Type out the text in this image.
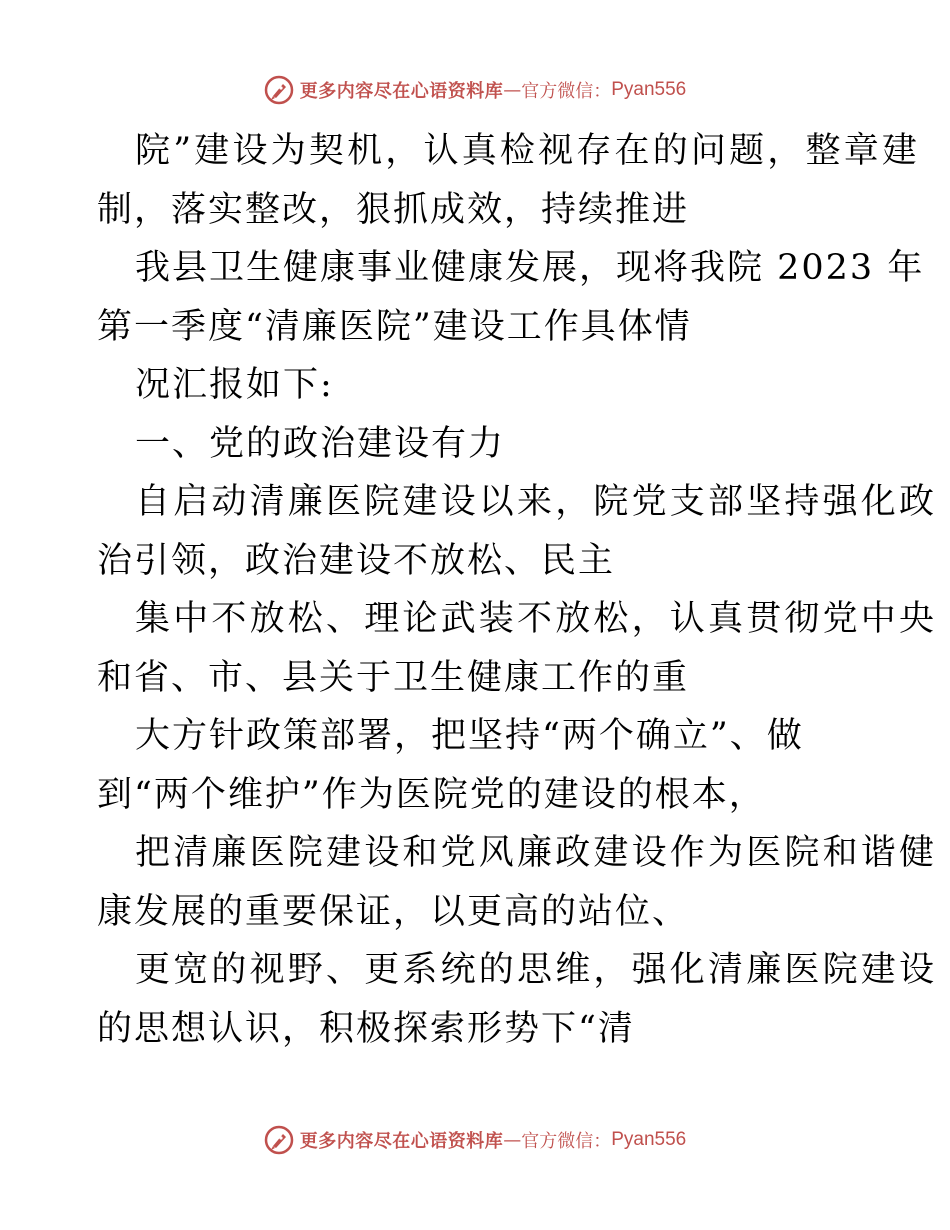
更多内容尽在心语资料库 — 官方微信： Pyan556
院”建设为契机，认真检视存在的问题，整章建
制，落实整改，狠抓成效，持续推进
我县卫生健康事业健康发展，现将我院 2023 年
第一季度“清廉医院”建设工作具体情
况汇报如下:
一、党的政治建设有力
自启动清廉医院建设以来，院党支部坚持强化政
治引领，政治建设不放松、民主
集中不放松、理论武装不放松，认真贯彻党中央
和省、市、县关于卫生健康工作的重
大方针政策部署，把坚持“两个确立”、做
到“两个维护”作为医院党的建设的根本，
把清廉医院建设和党风廉政建设作为医院和谐健
康发展的重要保证，以更高的站位、
更宽的视野、更系统的思维，强化清廉医院建设
的思想认识，积极探索形势下“清
更多内容尽在心语资料库 — 官方微信： Pyan556
